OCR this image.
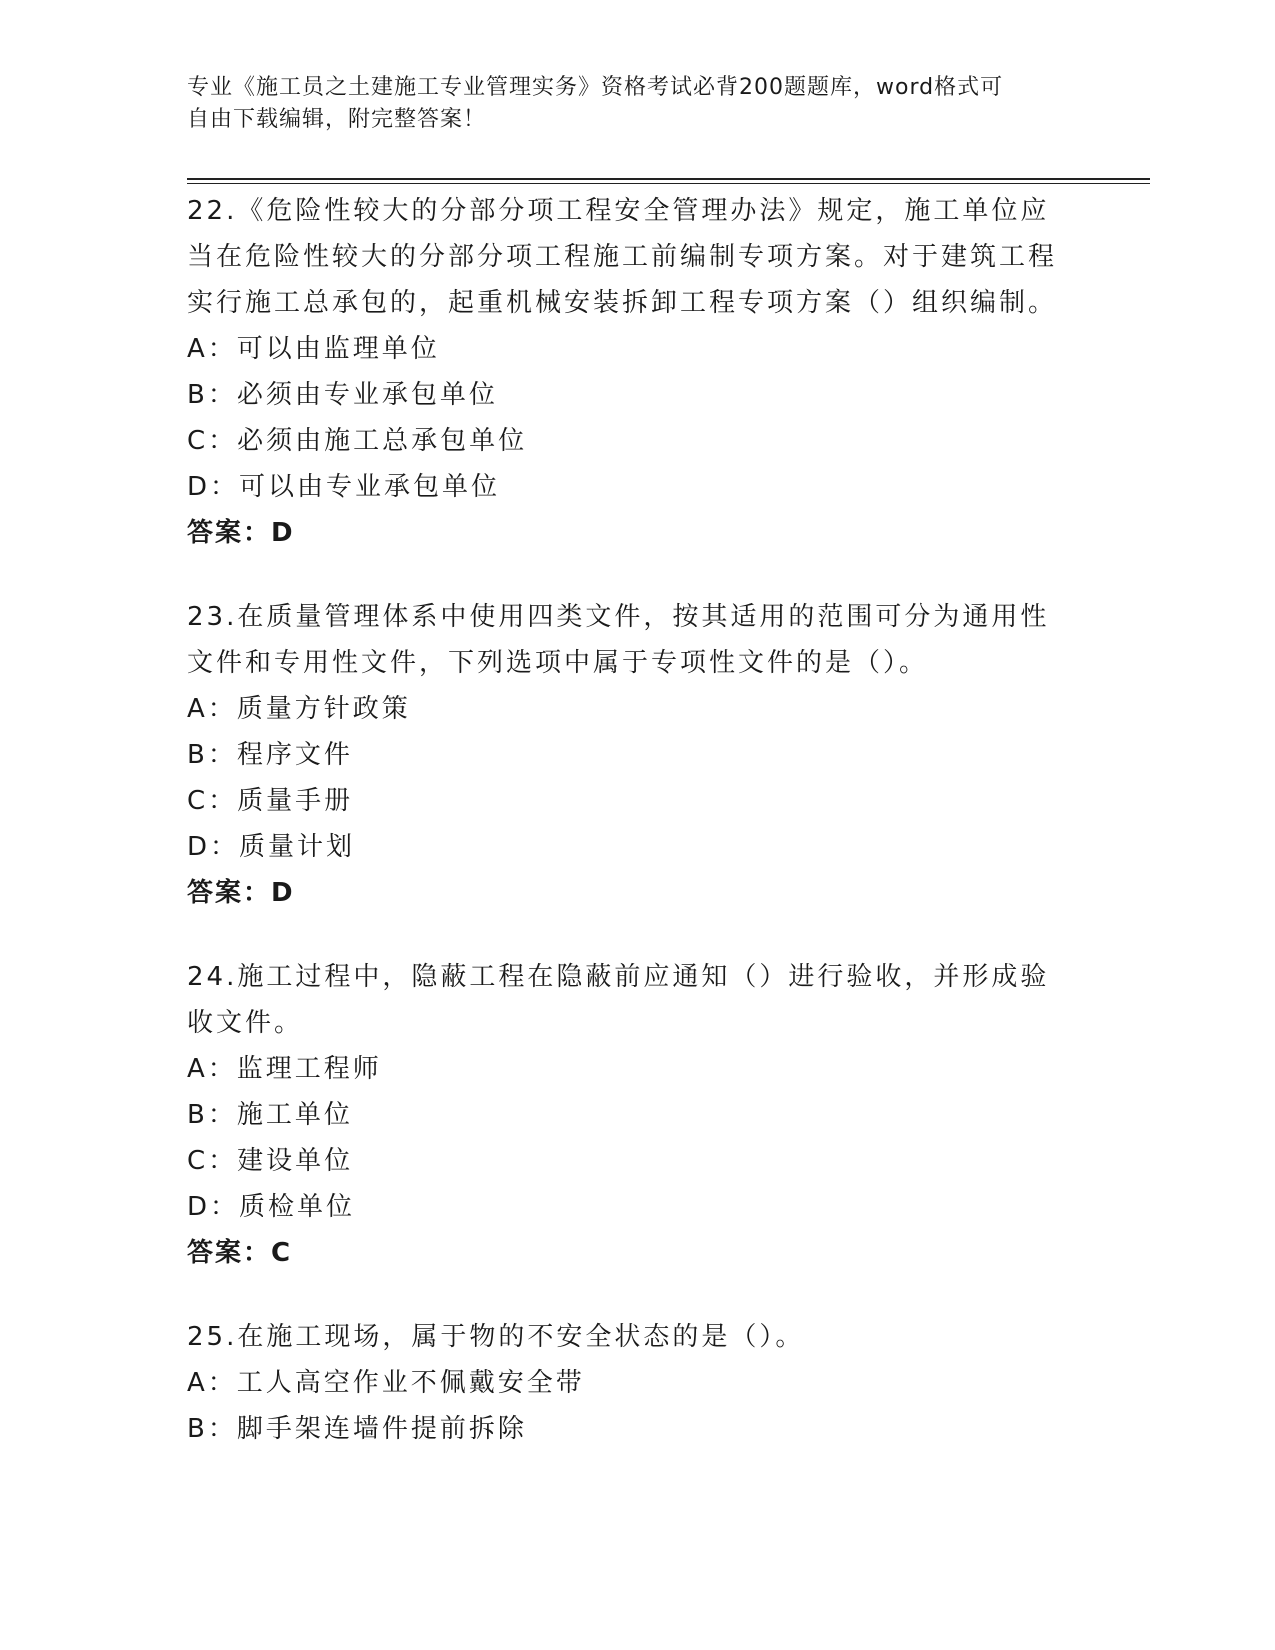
专业《施工员之土建施工专业管理实务》资格考试必背200题题库，word格式可
自由下载编辑，附完整答案！
22.《危险性较大的分部分项工程安全管理办法》规定，施工单位应当在危险性较大的分部分项工程施工前编制专项方案。对于建筑工程实行施工总承包的，起重机械安装拆卸工程专项方案（）组织编制。
A：可以由监理单位
B：必须由专业承包单位
C：必须由施工总承包单位
D：可以由专业承包单位
答案：D
23.在质量管理体系中使用四类文件，按其适用的范围可分为通用性文件和专用性文件，下列选项中属于专项性文件的是（）。
A：质量方针政策
B：程序文件
C：质量手册
D：质量计划
答案：D
24.施工过程中，隐蔽工程在隐蔽前应通知（）进行验收，并形成验收文件。
A：监理工程师
B：施工单位
C：建设单位
D：质检单位
答案：C
25.在施工现场，属于物的不安全状态的是（）。
A：工人高空作业不佩戴安全带
B：脚手架连墙件提前拆除
